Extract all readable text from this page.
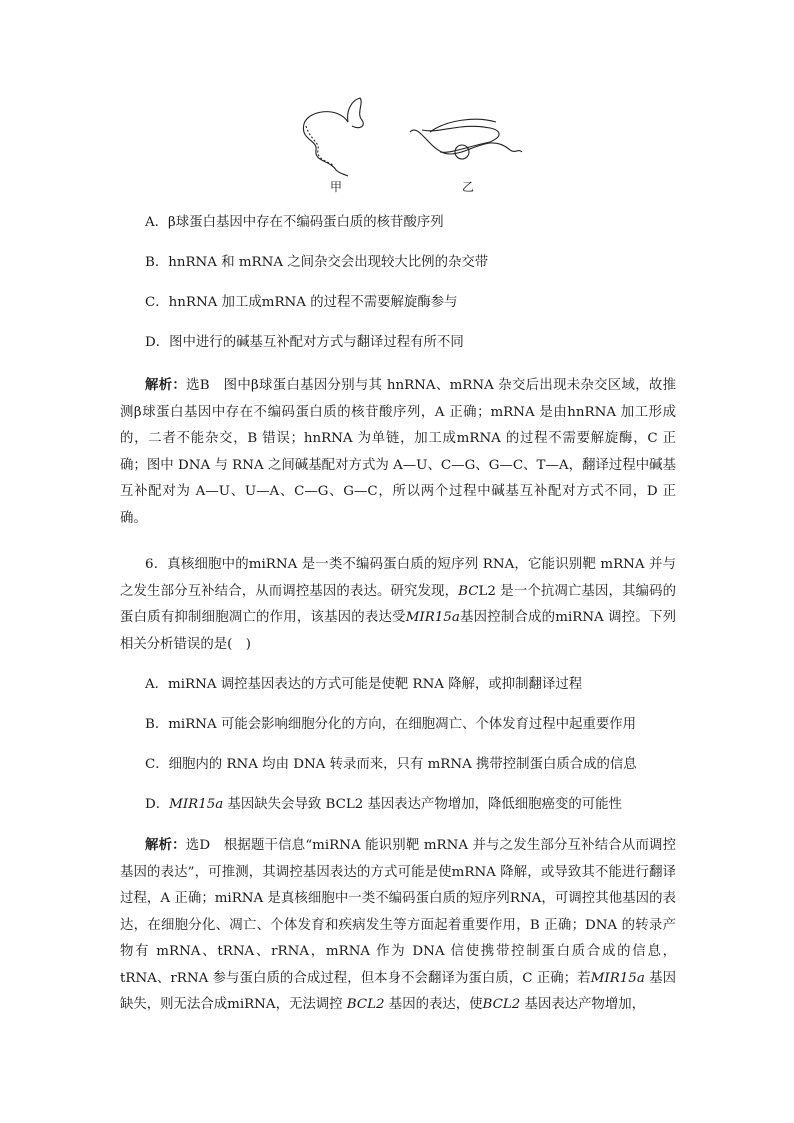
甲	乙

A．β球蛋白基因中存在不编码蛋白质的核苷酸序列

B．hnRNA 和 mRNA 之间杂交会出现较大比例的杂交带

C．hnRNA 加工成mRNA 的过程不需要解旋酶参与

D．图中进行的碱基互补配对方式与翻译过程有所不同

解析：选B　图中β球蛋白基因分别与其 hnRNA、mRNA 杂交后出现未杂交区域，故推测β球蛋白基因中存在不编码蛋白质的核苷酸序列，A 正确；mRNA 是由hnRNA 加工形成的，二者不能杂交，B 错误；hnRNA 为单链，加工成mRNA 的过程不需要解旋酶，C 正确；图中 DNA 与 RNA 之间碱基配对方式为 A—U、C—G、G—C、T—A，翻译过程中碱基互补配对为 A—U、U—A、C—G、G—C，所以两个过程中碱基互补配对方式不同，D 正确。

6．真核细胞中的miRNA 是一类不编码蛋白质的短序列 RNA，它能识别靶 mRNA 并与之发生部分互补结合，从而调控基因的表达。研究发现，BCL2 是一个抗凋亡基因，其编码的蛋白质有抑制细胞凋亡的作用，该基因的表达受MIR15a基因控制合成的miRNA 调控。下列相关分析错误的是(　)

A．miRNA 调控基因表达的方式可能是使靶 RNA 降解，或抑制翻译过程

B．miRNA 可能会影响细胞分化的方向，在细胞凋亡、个体发育过程中起重要作用

C．细胞内的 RNA 均由 DNA 转录而来，只有 mRNA 携带控制蛋白质合成的信息

D．MIR15a 基因缺失会导致 BCL2 基因表达产物增加，降低细胞癌变的可能性

解析：选D　根据题干信息“miRNA 能识别靶 mRNA 并与之发生部分互补结合从而调控基因的表达”，可推测，其调控基因表达的方式可能是使mRNA 降解，或导致其不能进行翻译过程，A 正确；miRNA 是真核细胞中一类不编码蛋白质的短序列RNA，可调控其他基因的表达，在细胞分化、凋亡、个体发育和疾病发生等方面起着重要作用，B 正确；DNA 的转录产物有 mRNA、tRNA、rRNA，mRNA 作为 DNA 信使携带控制蛋白质合成的信息，tRNA、rRNA 参与蛋白质的合成过程，但本身不会翻译为蛋白质，C 正确；若MIR15a 基因缺失，则无法合成miRNA，无法调控 BCL2 基因的表达，使BCL2 基因表达产物增加，
